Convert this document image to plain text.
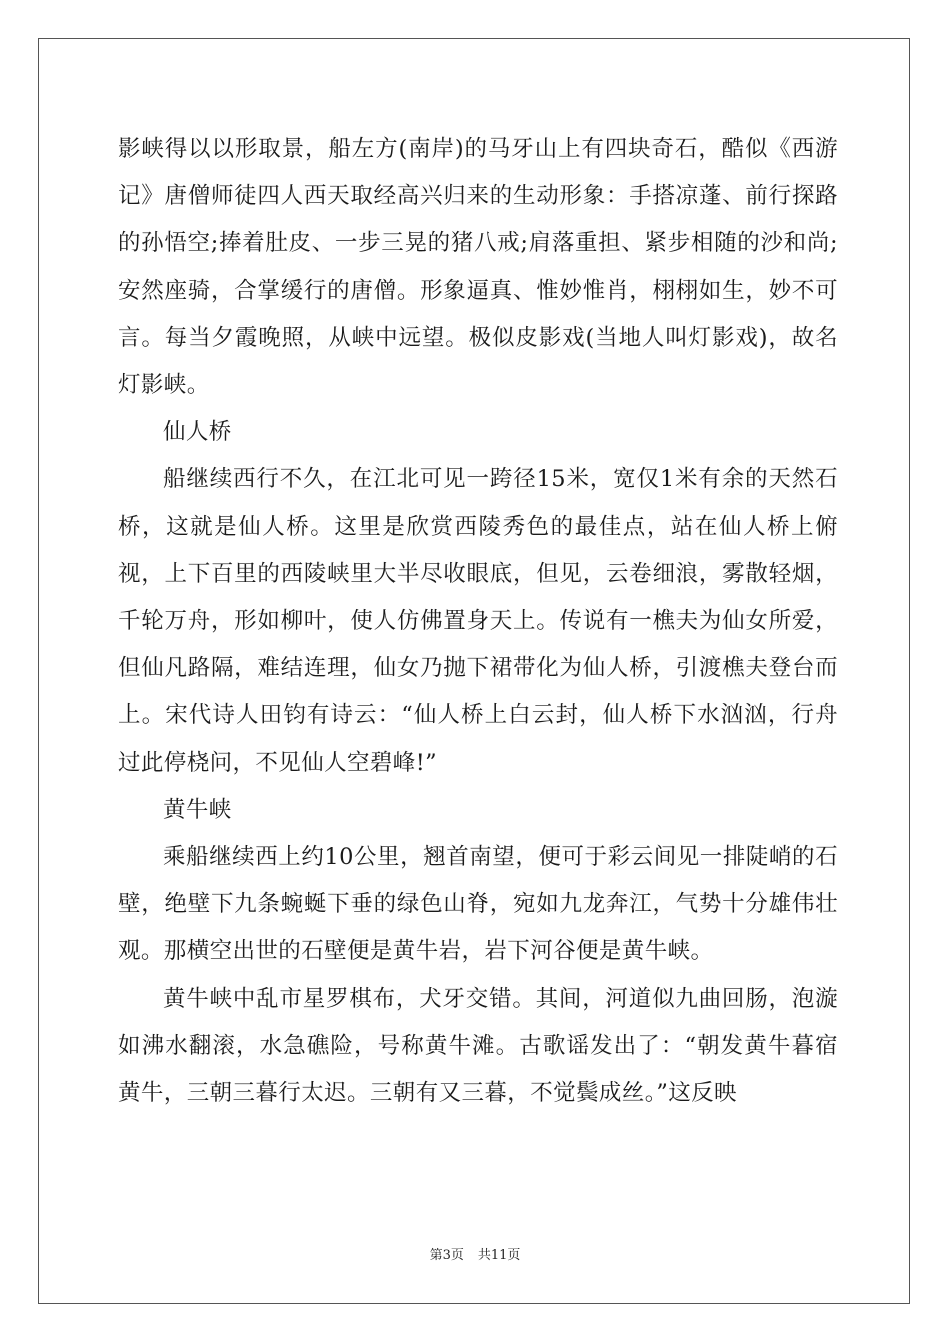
影峡得以以形取景，船左方(南岸)的马牙山上有四块奇石，酷似《西游记》唐僧师徒四人西天取经高兴归来的生动形象：手搭凉蓬、前行探路的孙悟空;捧着肚皮、一步三晃的猪八戒;肩落重担、紧步相随的沙和尚;安然座骑，合掌缓行的唐僧。形象逼真、惟妙惟肖，栩栩如生，妙不可言。每当夕霞晚照，从峡中远望。极似皮影戏(当地人叫灯影戏)，故名灯影峡。

仙人桥

船继续西行不久，在江北可见一跨径15米，宽仅1米有余的天然石桥，这就是仙人桥。这里是欣赏西陵秀色的最佳点，站在仙人桥上俯视，上下百里的西陵峡里大半尽收眼底，但见，云卷细浪，雾散轻烟，千轮万舟，形如柳叶，使人仿佛置身天上。传说有一樵夫为仙女所爱，但仙凡路隔，难结连理，仙女乃抛下裙带化为仙人桥，引渡樵夫登台而上。宋代诗人田钧有诗云：“仙人桥上白云封，仙人桥下水汹汹，行舟过此停桡问，不见仙人空碧峰!”

黄牛峡

乘船继续西上约10公里，翘首南望，便可于彩云间见一排陡峭的石壁，绝壁下九条蜿蜒下垂的绿色山脊，宛如九龙奔江，气势十分雄伟壮观。那横空出世的石壁便是黄牛岩，岩下河谷便是黄牛峡。

黄牛峡中乱市星罗棋布，犬牙交错。其间，河道似九曲回肠，泡漩如沸水翻滚，水急礁险，号称黄牛滩。古歌谣发出了：“朝发黄牛暮宿黄牛，三朝三暮行太迟。三朝有又三暮，不觉鬓成丝。”这反映

第3页 共11页
